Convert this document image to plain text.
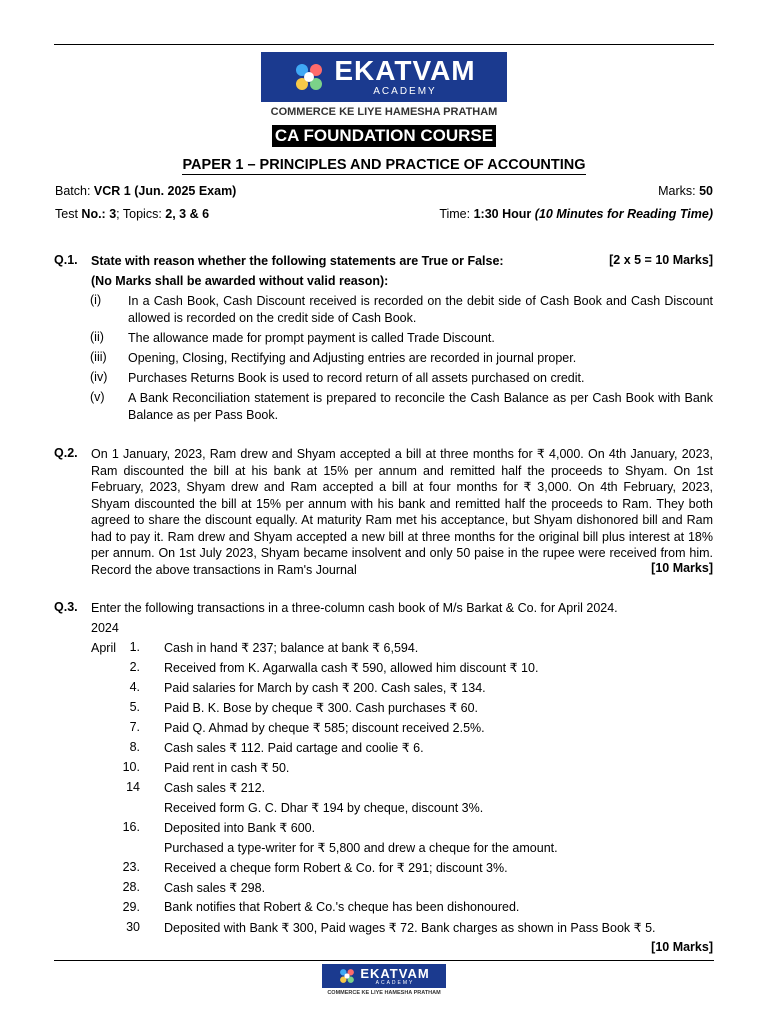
EKATVAM
ACADEMY
COMMERCE KE LIYE HAMESHA PRATHAM
CA FOUNDATION COURSE
PAPER 1 – PRINCIPLES AND PRACTICE OF ACCOUNTING
Batch: VCR 1 (Jun. 2025 Exam)	Marks: 50
Test No.: 3; Topics: 2, 3 & 6	Time: 1:30 Hour (10 Minutes for Reading Time)
Q.1. State with reason whether the following statements are True or False:	[2 x 5 = 10 Marks]
(No Marks shall be awarded without valid reason):
(i) In a Cash Book, Cash Discount received is recorded on the debit side of Cash Book and Cash Discount allowed is recorded on the credit side of Cash Book.
(ii) The allowance made for prompt payment is called Trade Discount.
(iii) Opening, Closing, Rectifying and Adjusting entries are recorded in journal proper.
(iv) Purchases Returns Book is used to record return of all assets purchased on credit.
(v) A Bank Reconciliation statement is prepared to reconcile the Cash Balance as per Cash Book with Bank Balance as per Pass Book.
Q.2. On 1 January, 2023, Ram drew and Shyam accepted a bill at three months for ₹ 4,000. On 4th January, 2023, Ram discounted the bill at his bank at 15% per annum and remitted half the proceeds to Shyam. On 1st February, 2023, Shyam drew and Ram accepted a bill at four months for ₹ 3,000. On 4th February, 2023, Shyam discounted the bill at 15% per annum with his bank and remitted half the proceeds to Ram. They both agreed to share the discount equally. At maturity Ram met his acceptance, but Shyam dishonored bill and Ram had to pay it. Ram drew and Shyam accepted a new bill at three months for the original bill plus interest at 18% per annum. On 1st July 2023, Shyam became insolvent and only 50 paise in the rupee were received from him. Record the above transactions in Ram's Journal	[10 Marks]
Q.3. Enter the following transactions in a three-column cash book of M/s Barkat & Co. for April 2024.
2024
April	1. Cash in hand ₹ 237; balance at bank ₹ 6,594.
2. Received from K. Agarwalla cash ₹ 590, allowed him discount ₹ 10.
4. Paid salaries for March by cash ₹ 200. Cash sales, ₹ 134.
5. Paid B. K. Bose by cheque ₹ 300. Cash purchases ₹ 60.
7. Paid Q. Ahmad by cheque ₹ 585; discount received 2.5%.
8. Cash sales ₹ 112. Paid cartage and coolie ₹ 6.
10. Paid rent in cash ₹ 50.
14 Cash sales ₹ 212.
Received form G. C. Dhar ₹ 194 by cheque, discount 3%.
16. Deposited into Bank ₹ 600.
Purchased a type-writer for ₹ 5,800 and drew a cheque for the amount.
23. Received a cheque form Robert & Co. for ₹ 291; discount 3%.
28. Cash sales ₹ 298.
29. Bank notifies that Robert & Co.'s cheque has been dishonoured.
30 Deposited with Bank ₹ 300, Paid wages ₹ 72. Bank charges as shown in Pass Book ₹ 5.
[10 Marks]
EKATVAM
ACADEMY
COMMERCE KE LIYE HAMESHA PRATHAM
